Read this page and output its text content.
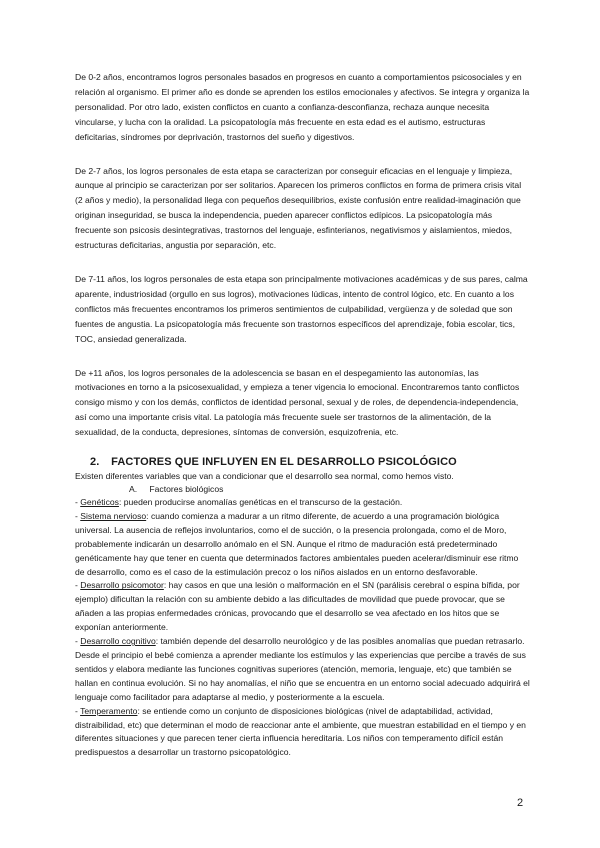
De 0-2 años, encontramos logros personales basados en progresos en cuanto a comportamientos psicosociales y en relación al organismo. El primer año es donde se aprenden los estilos emocionales y afectivos. Se integra y organiza la personalidad. Por otro lado, existen conflictos en cuanto a confianza-desconfianza, rechaza aunque necesita vincularse, y lucha con la oralidad. La psicopatología más frecuente en esta edad es el autismo, estructuras deficitarias, síndromes por deprivación, trastornos del sueño y digestivos.

De 2-7 años, los logros personales de esta etapa se caracterizan por conseguir eficacias en el lenguaje y limpieza, aunque al principio se caracterizan por ser solitarios. Aparecen los primeros conflictos en forma de primera crisis vital (2 años y medio), la personalidad llega con pequeños desequilibrios, existe confusión entre realidad-imaginación que originan inseguridad, se busca la independencia, pueden aparecer conflictos edípicos. La psicopatología más frecuente son psicosis desintegrativas, trastornos del lenguaje, esfinterianos, negativismos y aislamientos, miedos, estructuras deficitarias, angustia por separación, etc.

De 7-11 años, los logros personales de esta etapa son principalmente motivaciones académicas y de sus pares, calma aparente, industriosidad (orgullo en sus logros), motivaciones lúdicas, intento de control lógico, etc. En cuanto a los conflictos más frecuentes encontramos los primeros sentimientos de culpabilidad, vergüenza y de soledad que son fuentes de angustia. La psicopatología más frecuente son trastornos específicos del aprendizaje, fobia escolar, tics, TOC, ansiedad generalizada.

De +11 años, los logros personales de la adolescencia se basan en el despegamiento las autonomías, las motivaciones en torno a la psicosexualidad, y empieza a tener vigencia lo emocional. Encontraremos tanto conflictos consigo mismo y con los demás, conflictos de identidad personal, sexual y de roles, de dependencia-independencia, así como una importante crisis vital. La patología más frecuente suele ser trastornos de la alimentación, de la sexualidad, de la conducta, depresiones, síntomas de conversión, esquizofrenia, etc.

2. FACTORES QUE INFLUYEN EN EL DESARROLLO PSICOLÓGICO

Existen diferentes variables que van a condicionar que el desarrollo sea normal, como hemos visto.

A. Factores biológicos

- Genéticos: pueden producirse anomalías genéticas en el transcurso de la gestación.

- Sistema nervioso: cuando comienza a madurar a un ritmo diferente, de acuerdo a una programación biológica universal. La ausencia de reflejos involuntarios, como el de succión, o la presencia prolongada, como el de Moro, probablemente indicarán un desarrollo anómalo en el SN. Aunque el ritmo de maduración está predeterminado genéticamente hay que tener en cuenta que determinados factores ambientales pueden acelerar/disminuir ese ritmo de desarrollo, como es el caso de la estimulación precoz o los niños aislados en un entorno desfavorable.

- Desarrollo psicomotor: hay casos en que una lesión o malformación en el SN (parálisis cerebral o espina bífida, por ejemplo) dificultan la relación con su ambiente debido a las dificultades de movilidad que puede provocar, que se añaden a las propias enfermedades crónicas, provocando que el desarrollo se vea afectado en los hitos que se exponían anteriormente.

- Desarrollo cognitivo: también depende del desarrollo neurológico y de las posibles anomalías que puedan retrasarlo. Desde el principio el bebé comienza a aprender mediante los estímulos y las experiencias que percibe a través de sus sentidos y elabora mediante las funciones cognitivas superiores (atención, memoria, lenguaje, etc) que también se hallan en continua evolución. Si no hay anomalías, el niño que se encuentra en un entorno social adecuado adquirirá el lenguaje como facilitador para adaptarse al medio, y posteriormente a la escuela.

- Temperamento: se entiende como un conjunto de disposiciones biológicas (nivel de adaptabilidad, actividad, distraibilidad, etc) que determinan el modo de reaccionar ante el ambiente, que muestran estabilidad en el tiempo y en diferentes situaciones y que parecen tener cierta influencia hereditaria. Los niños con temperamento difícil están predispuestos a desarrollar un trastorno psicopatológico.

2
